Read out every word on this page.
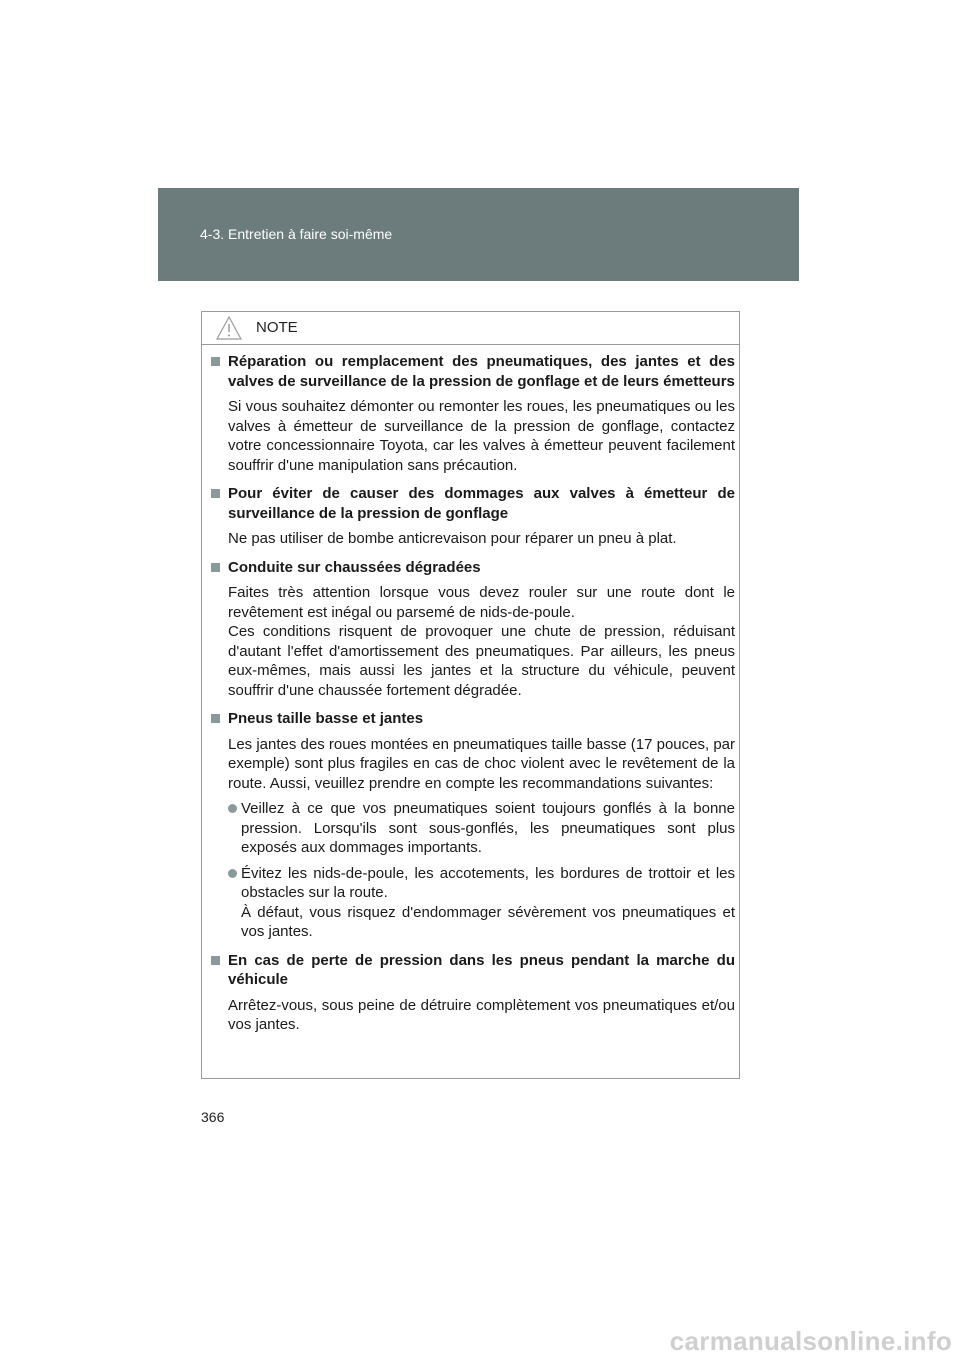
4-3. Entretien à faire soi-même
NOTE
Réparation ou remplacement des pneumatiques, des jantes et des valves de surveillance de la pression de gonflage et de leurs émetteurs
Si vous souhaitez démonter ou remonter les roues, les pneumatiques ou les valves à émetteur de surveillance de la pression de gonflage, contactez votre concessionnaire Toyota, car les valves à émetteur peuvent facilement souffrir d'une manipulation sans précaution.
Pour éviter de causer des dommages aux valves à émetteur de surveillance de la pression de gonflage
Ne pas utiliser de bombe anticrevaison pour réparer un pneu à plat.
Conduite sur chaussées dégradées
Faites très attention lorsque vous devez rouler sur une route dont le revêtement est inégal ou parsemé de nids-de-poule.
Ces conditions risquent de provoquer une chute de pression, réduisant d'autant l'effet d'amortissement des pneumatiques. Par ailleurs, les pneus eux-mêmes, mais aussi les jantes et la structure du véhicule, peuvent souffrir d'une chaussée fortement dégradée.
Pneus taille basse et jantes
Les jantes des roues montées en pneumatiques taille basse (17 pouces, par exemple) sont plus fragiles en cas de choc violent avec le revêtement de la route. Aussi, veuillez prendre en compte les recommandations suivantes:
Veillez à ce que vos pneumatiques soient toujours gonflés à la bonne pression. Lorsqu'ils sont sous-gonflés, les pneumatiques sont plus exposés aux dommages importants.
Évitez les nids-de-poule, les accotements, les bordures de trottoir et les obstacles sur la route.
À défaut, vous risquez d'endommager sévèrement vos pneumatiques et vos jantes.
En cas de perte de pression dans les pneus pendant la marche du véhicule
Arrêtez-vous, sous peine de détruire complètement vos pneumatiques et/ou vos jantes.
366
carmanualsonline.info
